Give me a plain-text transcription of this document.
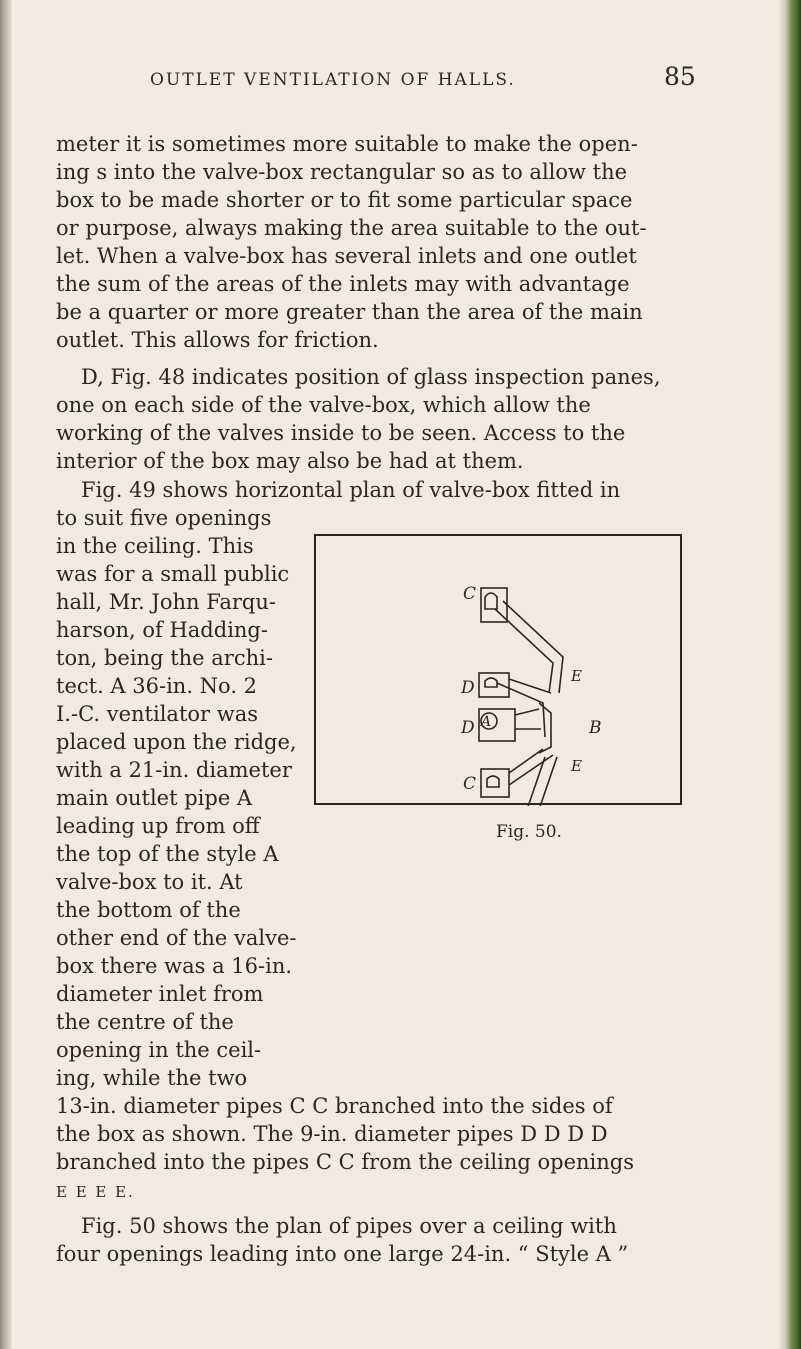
OUTLET VENTILATION OF HALLS.	85
meter it is sometimes more suitable to make the open-
ing s into the valve-box rectangular so as to allow the
box to be made shorter or to fit some particular space
or purpose, always making the area suitable to the out-
let. When a valve-box has several inlets and one outlet
the sum of the areas of the inlets may with advantage
be a quarter or more greater than the area of the main
outlet. This allows for friction.
D, Fig. 48 indicates position of glass inspection panes,
one on each side of the valve-box, which allow the
working of the valves inside to be seen. Access to the
interior of the box may also be had at them.
Fig. 49 shows horizontal plan of valve-box fitted in
to suit five openings
in the ceiling. This
was for a small public
hall, Mr. John Farqu-
harson, of Hadding-
ton, being the archi-
tect. A 36-in. No. 2
I.-C. ventilator was
placed upon the ridge,
with a 21-in. diameter
main outlet pipe A
leading up from off
the top of the style A
valve-box to it. At
the bottom of the
other end of the valve-
box there was a 16-in.
diameter inlet from
the centre of the
opening in the ceil-
ing, while the two
13-in. diameter pipes C C branched into the sides of
the box as shown. The 9-in. diameter pipes D D D D
branched into the pipes C C from the ceiling openings
E E E E.
Fig. 50 shows the plan of pipes over a ceiling with
four openings leading into one large 24-in. “ Style A ”
C
D
A
E
B
E
D
C
Fig. 50.
